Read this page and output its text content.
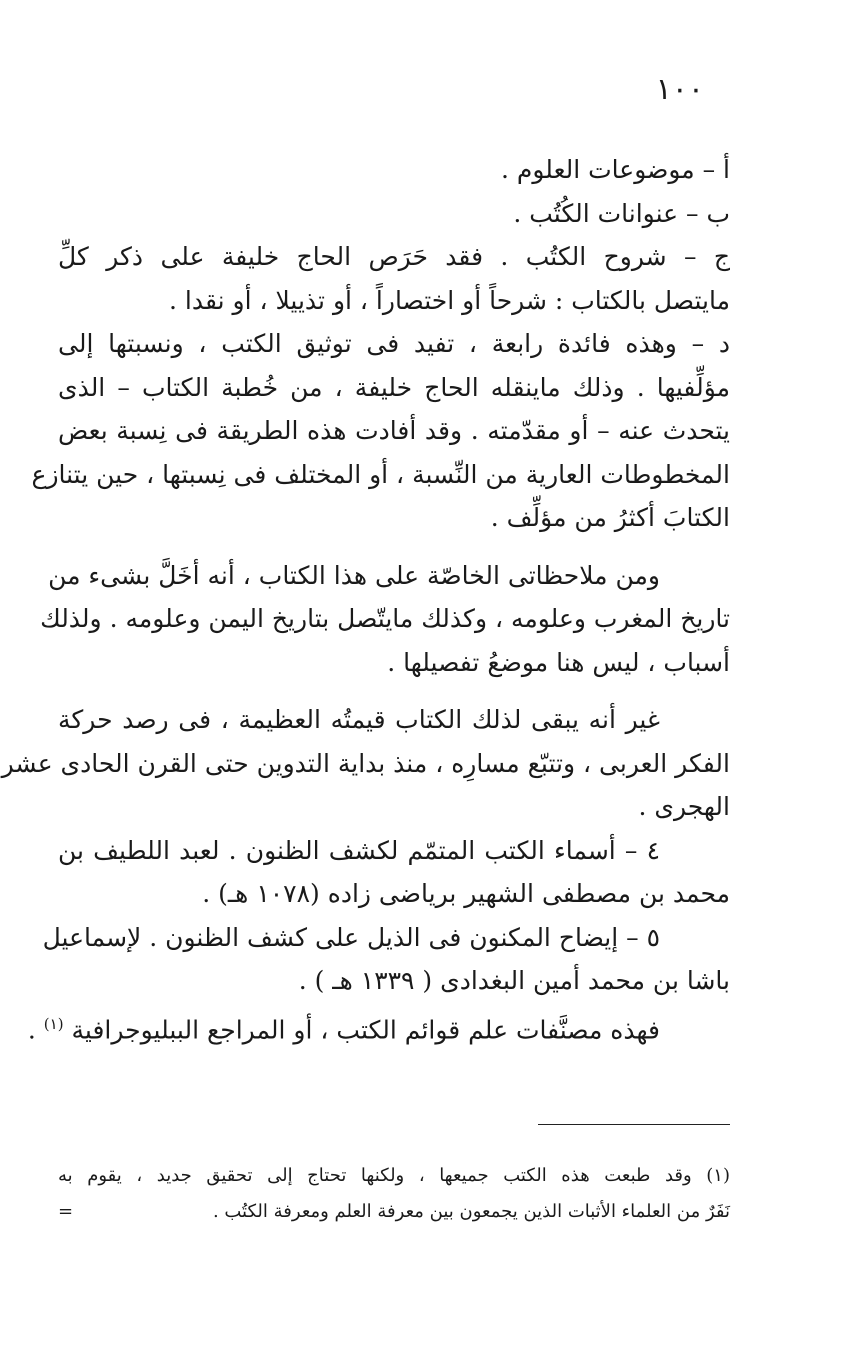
١٠٠
أ – موضوعات العلوم .
ب – عنوانات الكُتُب .
ج – شروح الكتُب . فقد حَرَص الحاج خليفة على ذكر كلِّ
مايتصل بالكتاب : شرحاً أو اختصاراً ، أو تذييلا ، أو نقدا .
د – وهذه فائدة رابعة ، تفيد فى توثيق الكتب ، ونسبتها إلى
مؤلِّفيها . وذلك ماينقله الحاج خليفة ، من خُطبة الكتاب – الذى
يتحدث عنه – أو مقدّمته . وقد أفادت هذه الطريقة فى نِسبة بعض
المخطوطات العارية من النِّسبة ، أو المختلف فى نِسبتها ، حين يتنازع
الكتابَ أكثرُ من مؤلِّف .
ومن ملاحظاتى الخاصّة على هذا الكتاب ، أنه أخَلَّ بشىء من
تاريخ المغرب وعلومه ، وكذلك مايتّصل بتاريخ اليمن وعلومه . ولذلك
أسباب ، ليس هنا موضعُ تفصيلها .
غير أنه يبقى لذلك الكتاب قيمتُه العظيمة ، فى رصد حركة
الفكر العربى ، وتتبّع مسارِه ، منذ بداية التدوين حتى القرن الحادى عشر
الهجرى .
٤ – أسماء الكتب المتمّم لكشف الظنون . لعبد اللطيف بن
محمد بن مصطفى الشهير برياضى زاده (١٠٧٨ هـ) .
٥ – إيضاح المكنون فى الذيل على كشف الظنون . لإسماعيل
باشا بن محمد أمين البغدادى ( ١٣٣٩ هـ ) .
فهذه مصنَّفات علم قوائم الكتب ، أو المراجع الببليوجرافية $^{(١)}$ .
(١) وقد طبعت هذه الكتب جميعها ، ولكنها تحتاج إلى تحقيق جديد ، يقوم به
نَفَرٌ من العلماء الأثبات الذين يجمعون بين معرفة العلم ومعرفة الكتُب .
=
